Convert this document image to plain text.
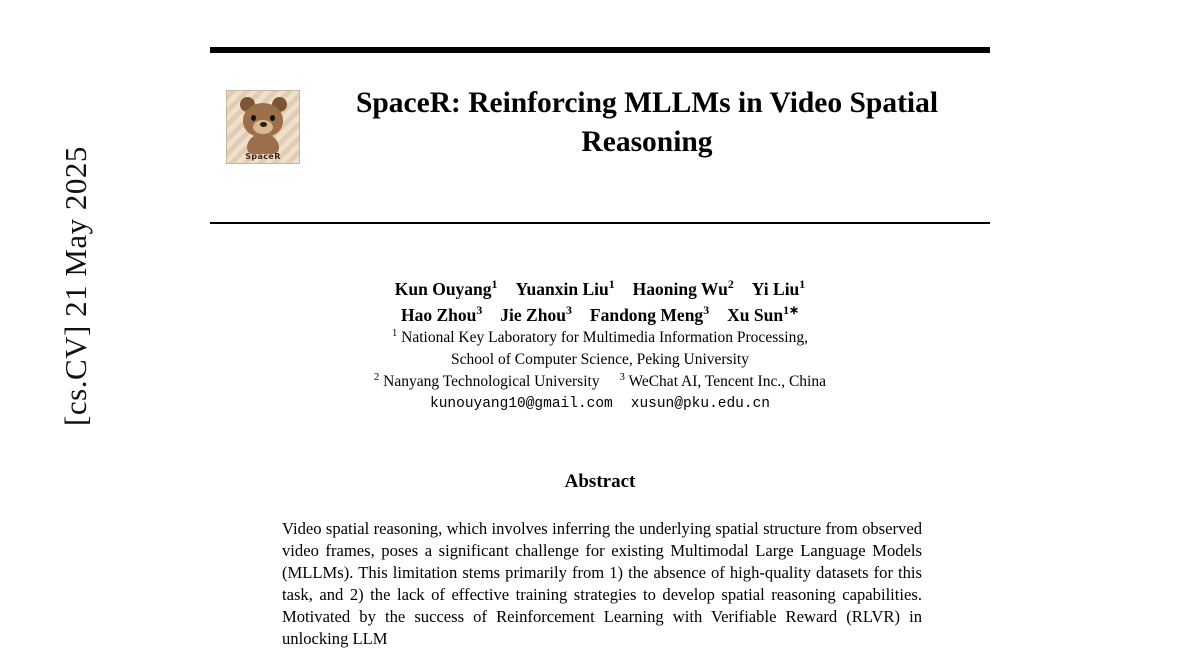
[cs.CV] 21 May 2025	SpaceR
SpaceR: Reinforcing MLLMs in Video Spatial Reasoning
Kun Ouyang$^1$ Yuanxin Liu$^1$ Haoning Wu$^2$ Yi Liu$^1$
Hao Zhou$^3$ Jie Zhou$^3$ Fandong Meng$^3$ Xu Sun$^{1∗}$
$^1$ National Key Laboratory for Multimedia Information Processing,
School of Computer Science, Peking University
$^2$ Nanyang Technological University $^3$ WeChat AI, Tencent Inc., China
kunouyang10@gmail.com xusun@pku.edu.cn
Abstract
Video spatial reasoning, which involves inferring the underlying spatial structure from observed video frames, poses a significant challenge for existing Multimodal Large Language Models (MLLMs). This limitation stems primarily from 1) the absence of high-quality datasets for this task, and 2) the lack of effective training strategies to develop spatial reasoning capabilities. Motivated by the success of Reinforcement Learning with Verifiable Reward (RLVR) in unlocking LLM
